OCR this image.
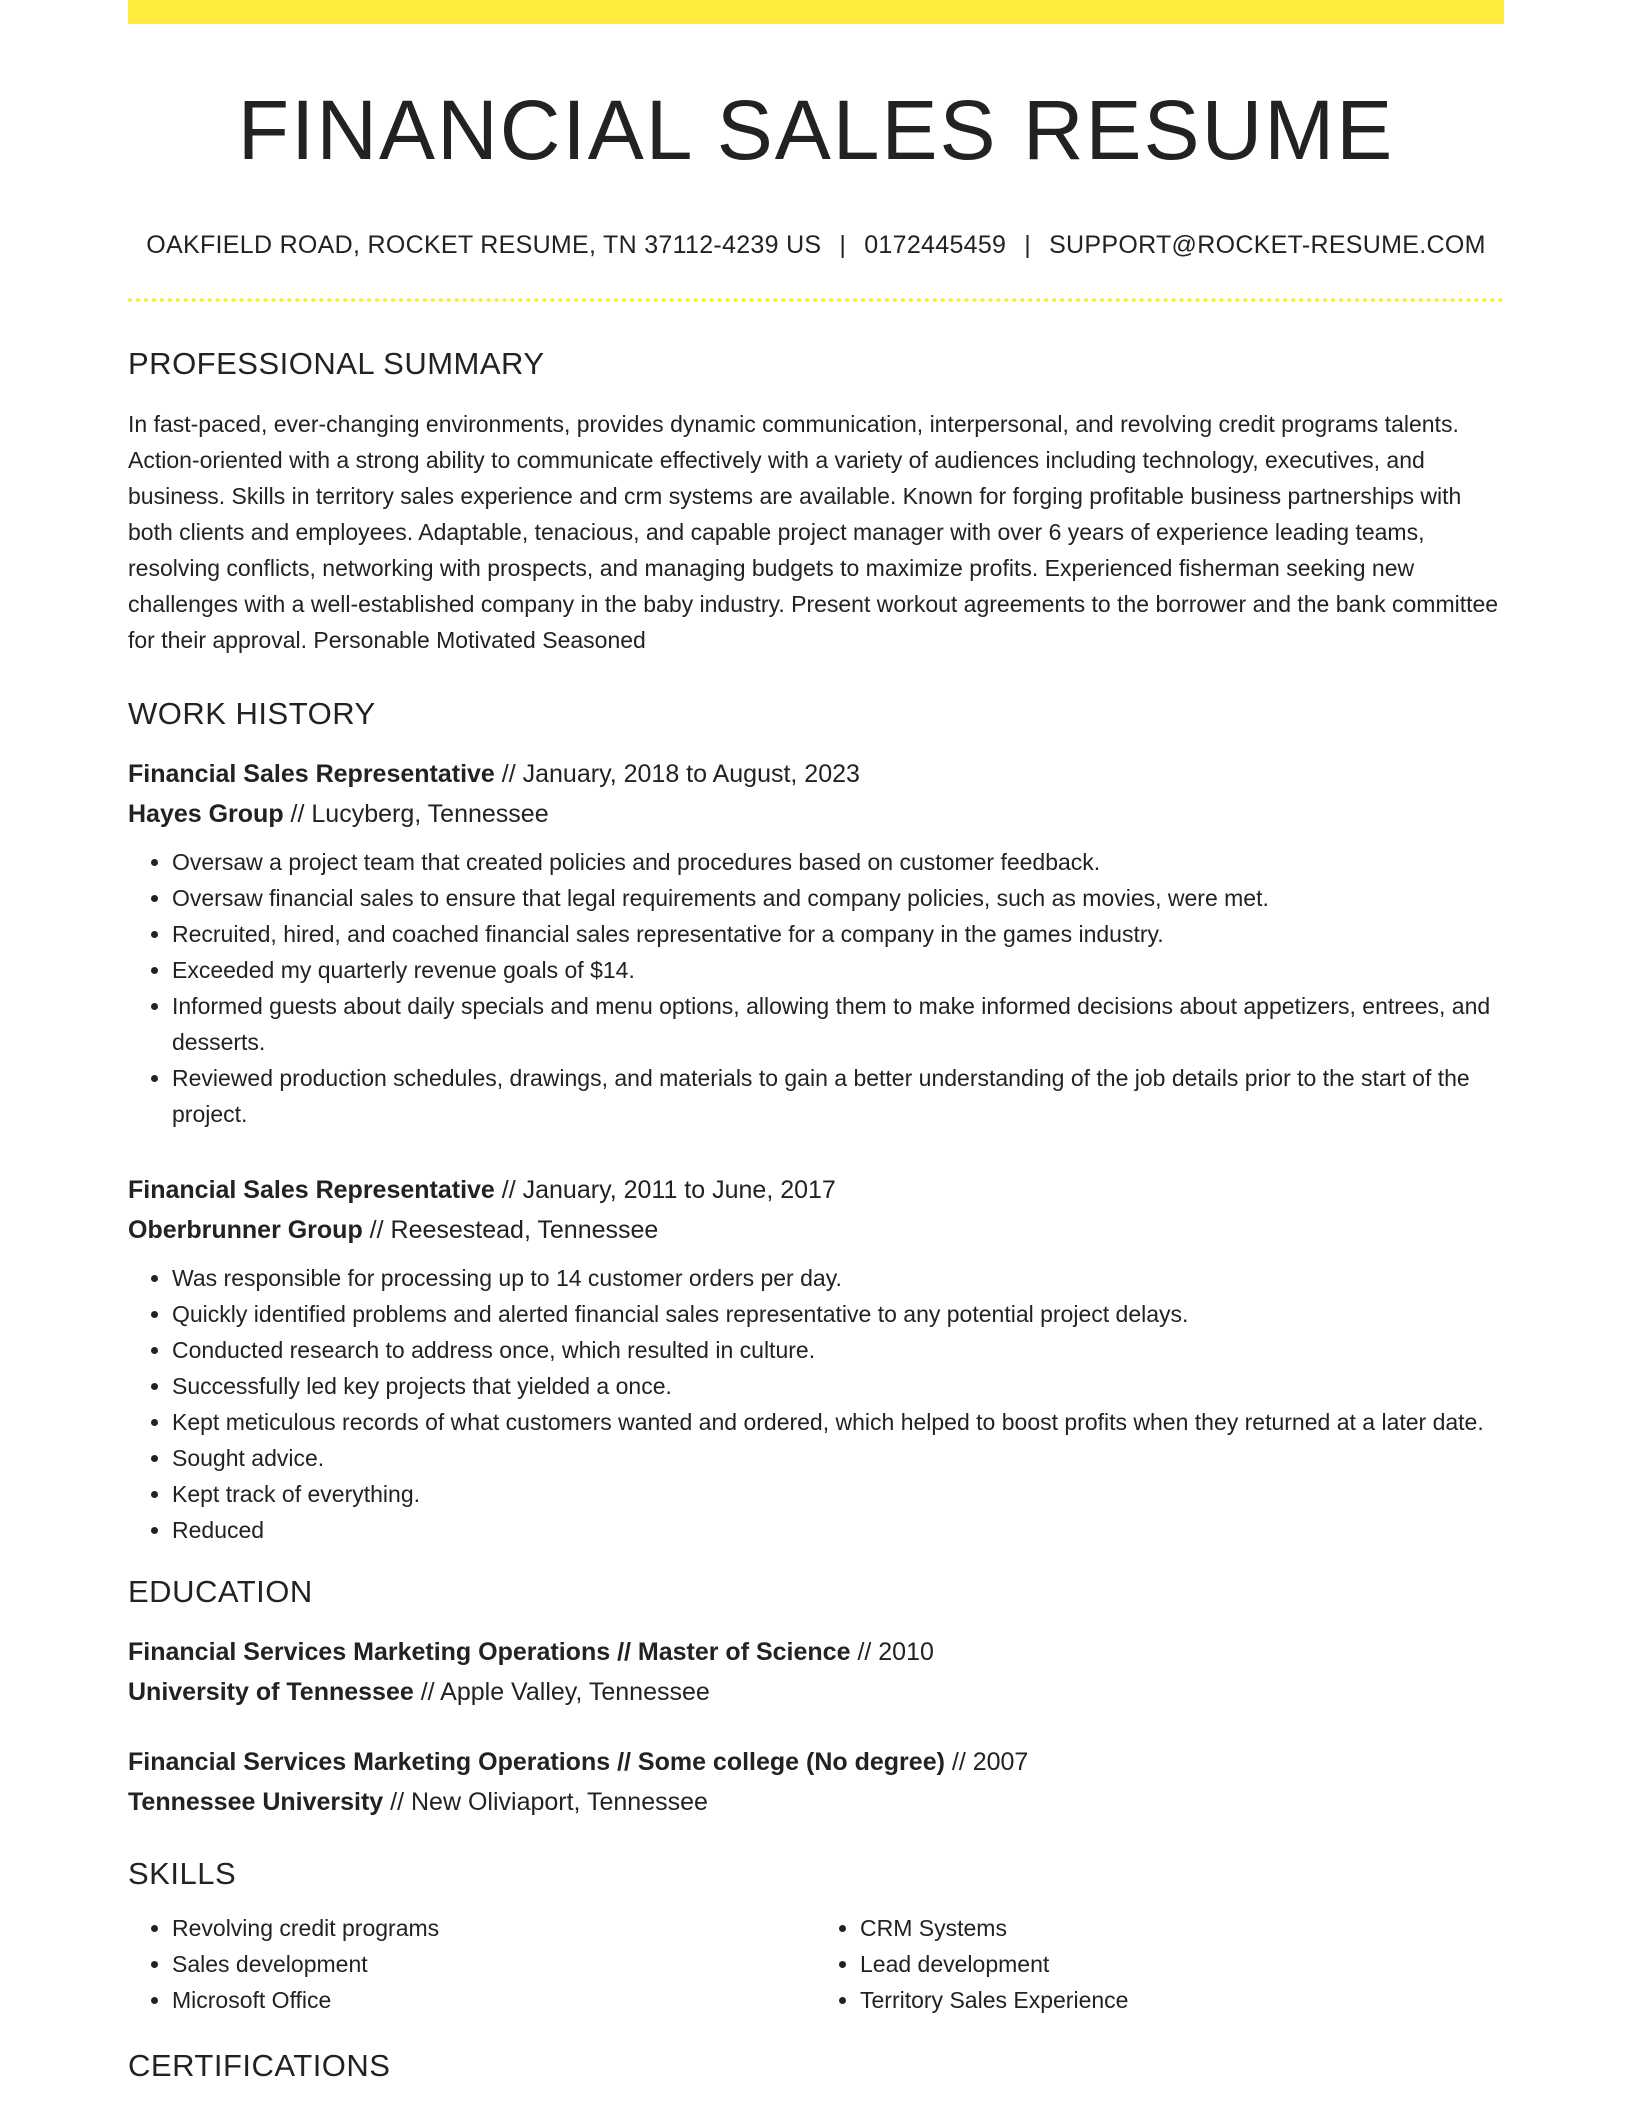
FINANCIAL SALES RESUME
OAKFIELD ROAD, ROCKET RESUME, TN 37112-4239 US | 0172445459 | SUPPORT@ROCKET-RESUME.COM
PROFESSIONAL SUMMARY
In fast-paced, ever-changing environments, provides dynamic communication, interpersonal, and revolving credit programs talents. Action-oriented with a strong ability to communicate effectively with a variety of audiences including technology, executives, and business. Skills in territory sales experience and crm systems are available. Known for forging profitable business partnerships with both clients and employees. Adaptable, tenacious, and capable project manager with over 6 years of experience leading teams, resolving conflicts, networking with prospects, and managing budgets to maximize profits. Experienced fisherman seeking new challenges with a well-established company in the baby industry. Present workout agreements to the borrower and the bank committee for their approval. Personable Motivated Seasoned
WORK HISTORY
Financial Sales Representative // January, 2018 to August, 2023
Hayes Group // Lucyberg, Tennessee
• Oversaw a project team that created policies and procedures based on customer feedback.
• Oversaw financial sales to ensure that legal requirements and company policies, such as movies, were met.
• Recruited, hired, and coached financial sales representative for a company in the games industry.
• Exceeded my quarterly revenue goals of $14.
• Informed guests about daily specials and menu options, allowing them to make informed decisions about appetizers, entrees, and desserts.
• Reviewed production schedules, drawings, and materials to gain a better understanding of the job details prior to the start of the project.
Financial Sales Representative // January, 2011 to June, 2017
Oberbrunner Group // Reesestead, Tennessee
• Was responsible for processing up to 14 customer orders per day.
• Quickly identified problems and alerted financial sales representative to any potential project delays.
• Conducted research to address once, which resulted in culture.
• Successfully led key projects that yielded a once.
• Kept meticulous records of what customers wanted and ordered, which helped to boost profits when they returned at a later date.
• Sought advice.
• Kept track of everything.
• Reduced
EDUCATION
Financial Services Marketing Operations // Master of Science // 2010
University of Tennessee // Apple Valley, Tennessee
Financial Services Marketing Operations // Some college (No degree) // 2007
Tennessee University // New Oliviaport, Tennessee
SKILLS
• Revolving credit programs
• Sales development
• Microsoft Office
• CRM Systems
• Lead development
• Territory Sales Experience
CERTIFICATIONS
